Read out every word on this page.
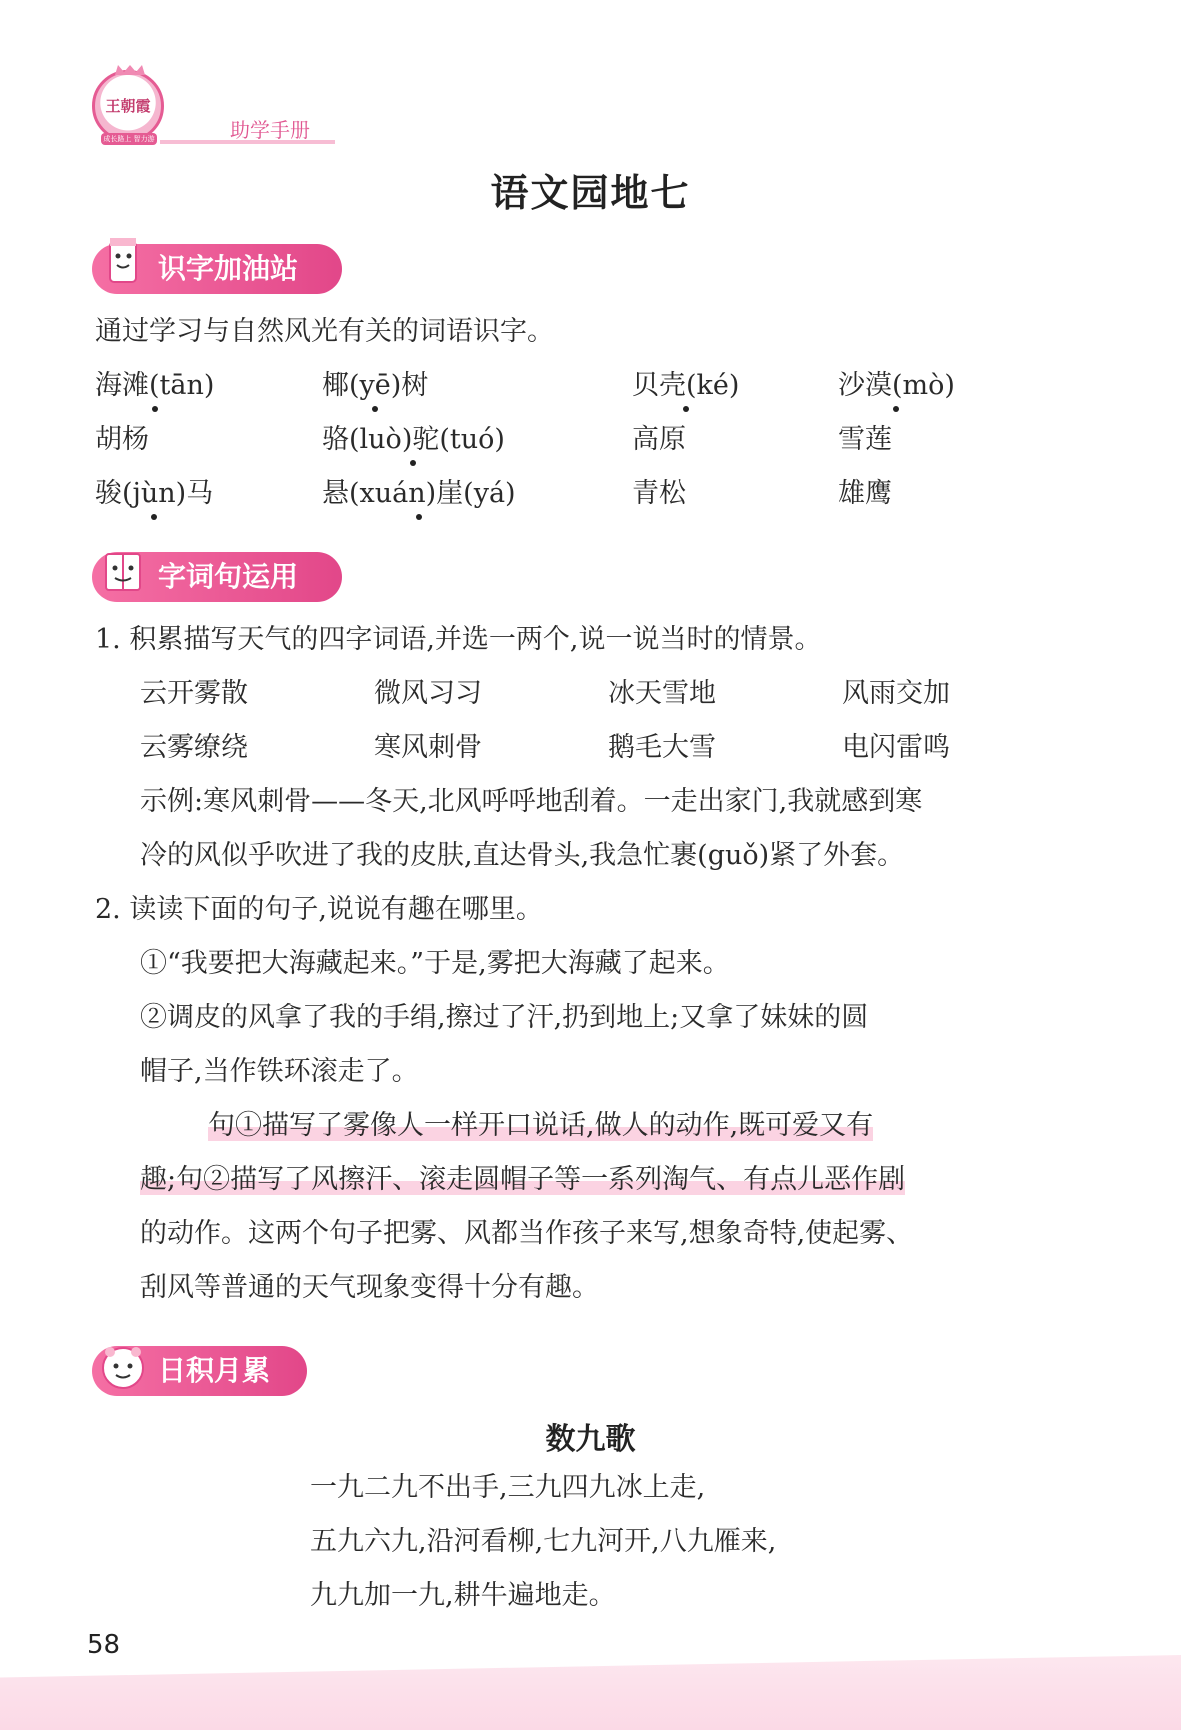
王朝霞
成长路上 智力游戏
助学手册
语文园地七
识字加油站
通过学习与自然风光有关的词语识字。
海滩(tān)	椰(yē)树	贝壳(ké)	沙漠(mò)
胡杨	骆(luò)驼(tuó)	高原	雪莲
骏(jùn)马	悬(xuán)崖(yá)	青松	雄鹰
字词句运用
1. 积累描写天气的四字词语,并选一两个,说一说当时的情景。
云开雾散	微风习习	冰天雪地	风雨交加
云雾缭绕	寒风刺骨	鹅毛大雪	电闪雷鸣
示例:寒风刺骨——冬天,北风呼呼地刮着。一走出家门,我就感到寒
冷的风似乎吹进了我的皮肤,直达骨头,我急忙裹(guǒ)紧了外套。
2. 读读下面的句子,说说有趣在哪里。
①“我要把大海藏起来。”于是,雾把大海藏了起来。
②调皮的风拿了我的手绢,擦过了汗,扔到地上;又拿了妹妹的圆
帽子,当作铁环滚走了。
句①描写了雾像人一样开口说话,做人的动作,既可爱又有
趣;句②描写了风擦汗、滚走圆帽子等一系列淘气、有点儿恶作剧
的动作。这两个句子把雾、风都当作孩子来写,想象奇特,使起雾、
刮风等普通的天气现象变得十分有趣。
日积月累
数九歌
一九二九不出手,三九四九冰上走,
五九六九,沿河看柳,七九河开,八九雁来,
九九加一九,耕牛遍地走。
58
